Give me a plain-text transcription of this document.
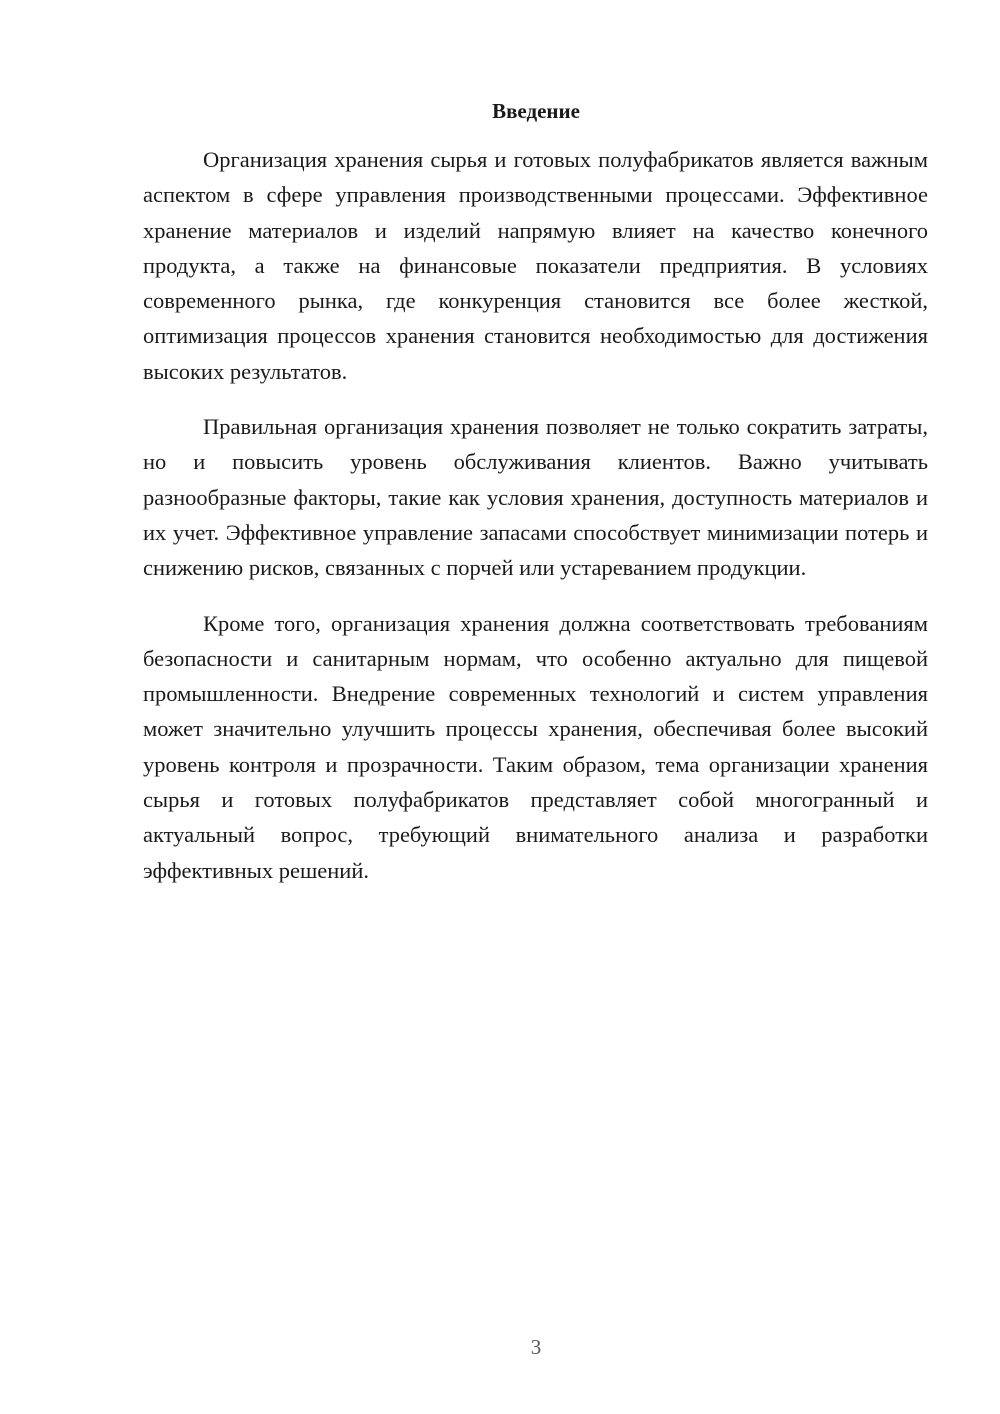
Введение

Организация хранения сырья и готовых полуфабрикатов является важным аспектом в сфере управления производственными процессами. Эффективное хранение материалов и изделий напрямую влияет на качество конечного продукта, а также на финансовые показатели предприятия. В условиях современного рынка, где конкуренция становится все более жесткой, оптимизация процессов хранения становится необходимостью для достижения высоких результатов.

Правильная организация хранения позволяет не только сократить затраты, но и повысить уровень обслуживания клиентов. Важно учитывать разнообразные факторы, такие как условия хранения, доступность материалов и их учет. Эффективное управление запасами способствует минимизации потерь и снижению рисков, связанных с порчей или устареванием продукции.

Кроме того, организация хранения должна соответствовать требованиям безопасности и санитарным нормам, что особенно актуально для пищевой промышленности. Внедрение современных технологий и систем управления может значительно улучшить процессы хранения, обеспечивая более высокий уровень контроля и прозрачности. Таким образом, тема организации хранения сырья и готовых полуфабрикатов представляет собой многогранный и актуальный вопрос, требующий внимательного анализа и разработки эффективных решений.

3
